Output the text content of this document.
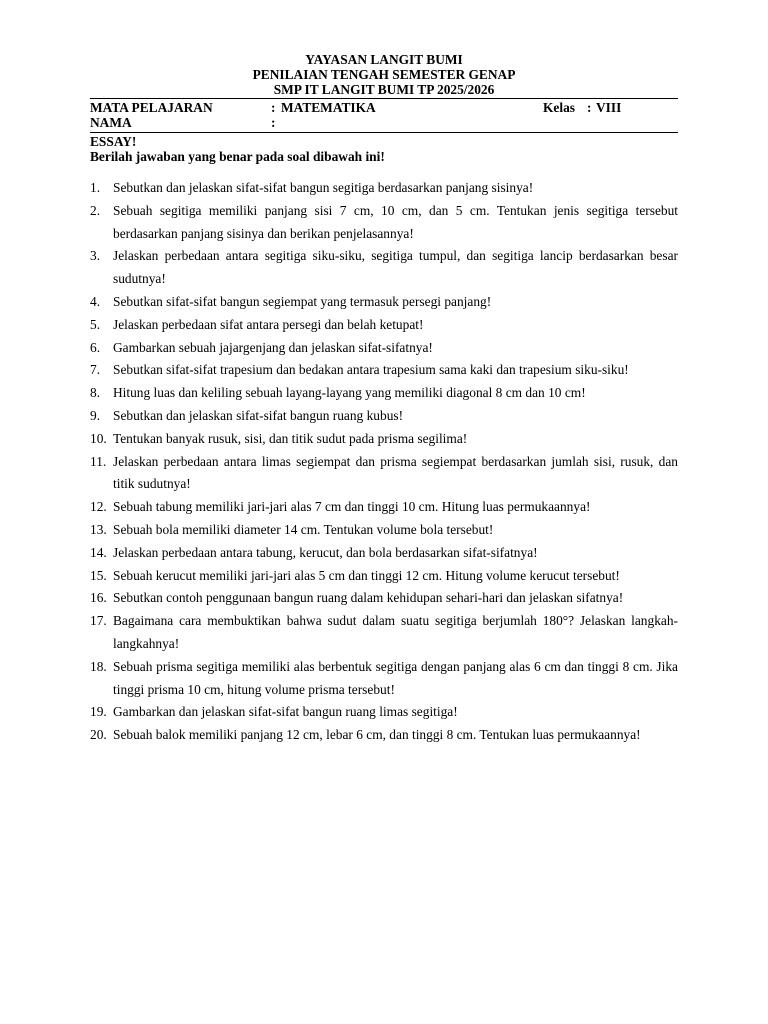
YAYASAN LANGIT BUMI
PENILAIAN TENGAH SEMESTER GENAP
SMP IT LANGIT BUMI TP 2025/2026
MATA PELAJARAN	: MATEMATIKA	Kelas : VIII
NAMA	:
ESSAY!
Berilah jawaban yang benar pada soal dibawah ini!
1. Sebutkan dan jelaskan sifat-sifat bangun segitiga berdasarkan panjang sisinya!
2. Sebuah segitiga memiliki panjang sisi 7 cm, 10 cm, dan 5 cm. Tentukan jenis segitiga tersebut berdasarkan panjang sisinya dan berikan penjelasannya!
3. Jelaskan perbedaan antara segitiga siku-siku, segitiga tumpul, dan segitiga lancip berdasarkan besar sudutnya!
4. Sebutkan sifat-sifat bangun segiempat yang termasuk persegi panjang!
5. Jelaskan perbedaan sifat antara persegi dan belah ketupat!
6. Gambarkan sebuah jajargenjang dan jelaskan sifat-sifatnya!
7. Sebutkan sifat-sifat trapesium dan bedakan antara trapesium sama kaki dan trapesium siku-siku!
8. Hitung luas dan keliling sebuah layang-layang yang memiliki diagonal 8 cm dan 10 cm!
9. Sebutkan dan jelaskan sifat-sifat bangun ruang kubus!
10. Tentukan banyak rusuk, sisi, dan titik sudut pada prisma segilima!
11. Jelaskan perbedaan antara limas segiempat dan prisma segiempat berdasarkan jumlah sisi, rusuk, dan titik sudutnya!
12. Sebuah tabung memiliki jari-jari alas 7 cm dan tinggi 10 cm. Hitung luas permukaannya!
13. Sebuah bola memiliki diameter 14 cm. Tentukan volume bola tersebut!
14. Jelaskan perbedaan antara tabung, kerucut, dan bola berdasarkan sifat-sifatnya!
15. Sebuah kerucut memiliki jari-jari alas 5 cm dan tinggi 12 cm. Hitung volume kerucut tersebut!
16. Sebutkan contoh penggunaan bangun ruang dalam kehidupan sehari-hari dan jelaskan sifatnya!
17. Bagaimana cara membuktikan bahwa sudut dalam suatu segitiga berjumlah 180°? Jelaskan langkah-langkahnya!
18. Sebuah prisma segitiga memiliki alas berbentuk segitiga dengan panjang alas 6 cm dan tinggi 8 cm. Jika tinggi prisma 10 cm, hitung volume prisma tersebut!
19. Gambarkan dan jelaskan sifat-sifat bangun ruang limas segitiga!
20. Sebuah balok memiliki panjang 12 cm, lebar 6 cm, dan tinggi 8 cm. Tentukan luas permukaannya!
